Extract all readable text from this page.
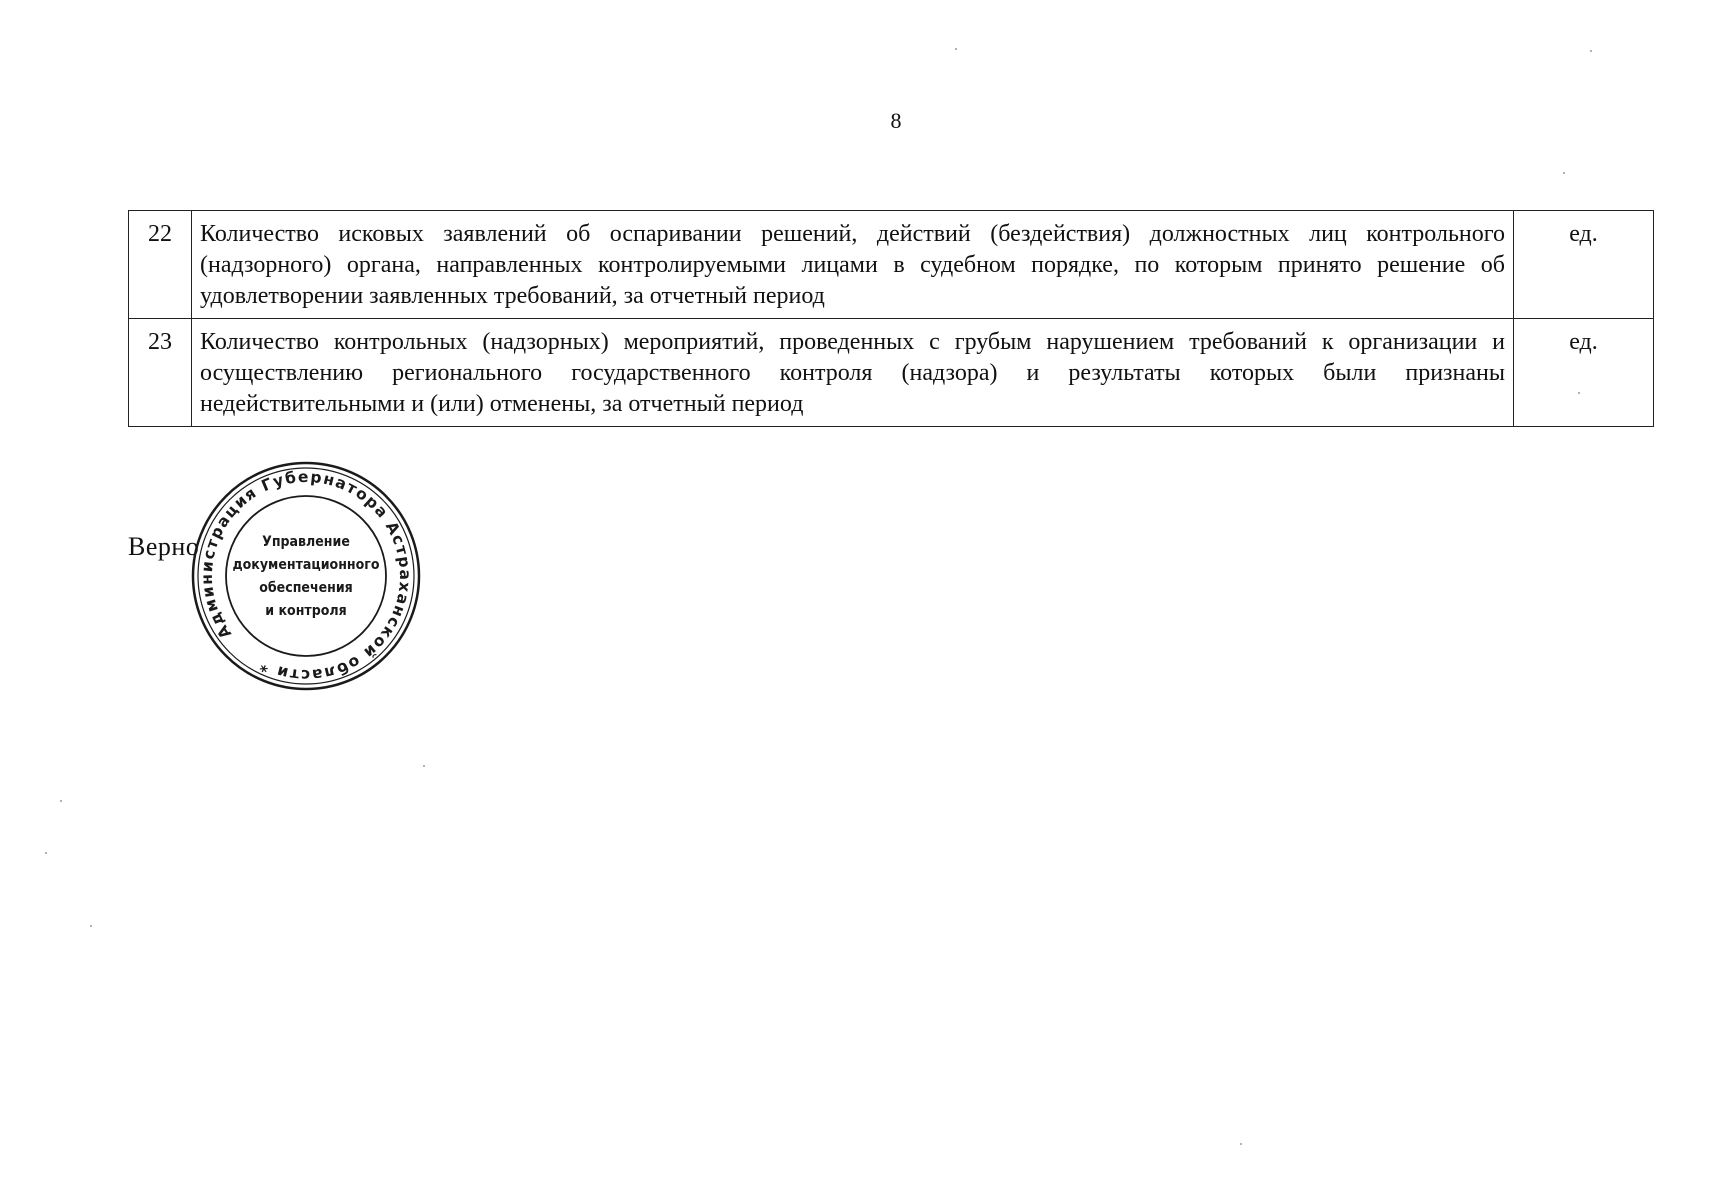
8
22	Количество исковых заявлений об оспаривании решений, действий (бездействия) должностных лиц контрольного (надзорного) органа, направленных контролируемыми лицами в судебном порядке, по которым принято решение об удовлетворении заявленных требований, за отчетный период	ед.
23	Количество контрольных (надзорных) мероприятий, проведенных с грубым нарушением требований к организации и осуществлению регионального государственного контроля (надзора) и результаты которых были признаны недействительными и (или) отменены, за отчетный период	ед.
Верно
Администрация Губернатора Астраханской области *
Управление
документационного
обеспечения
и контроля
